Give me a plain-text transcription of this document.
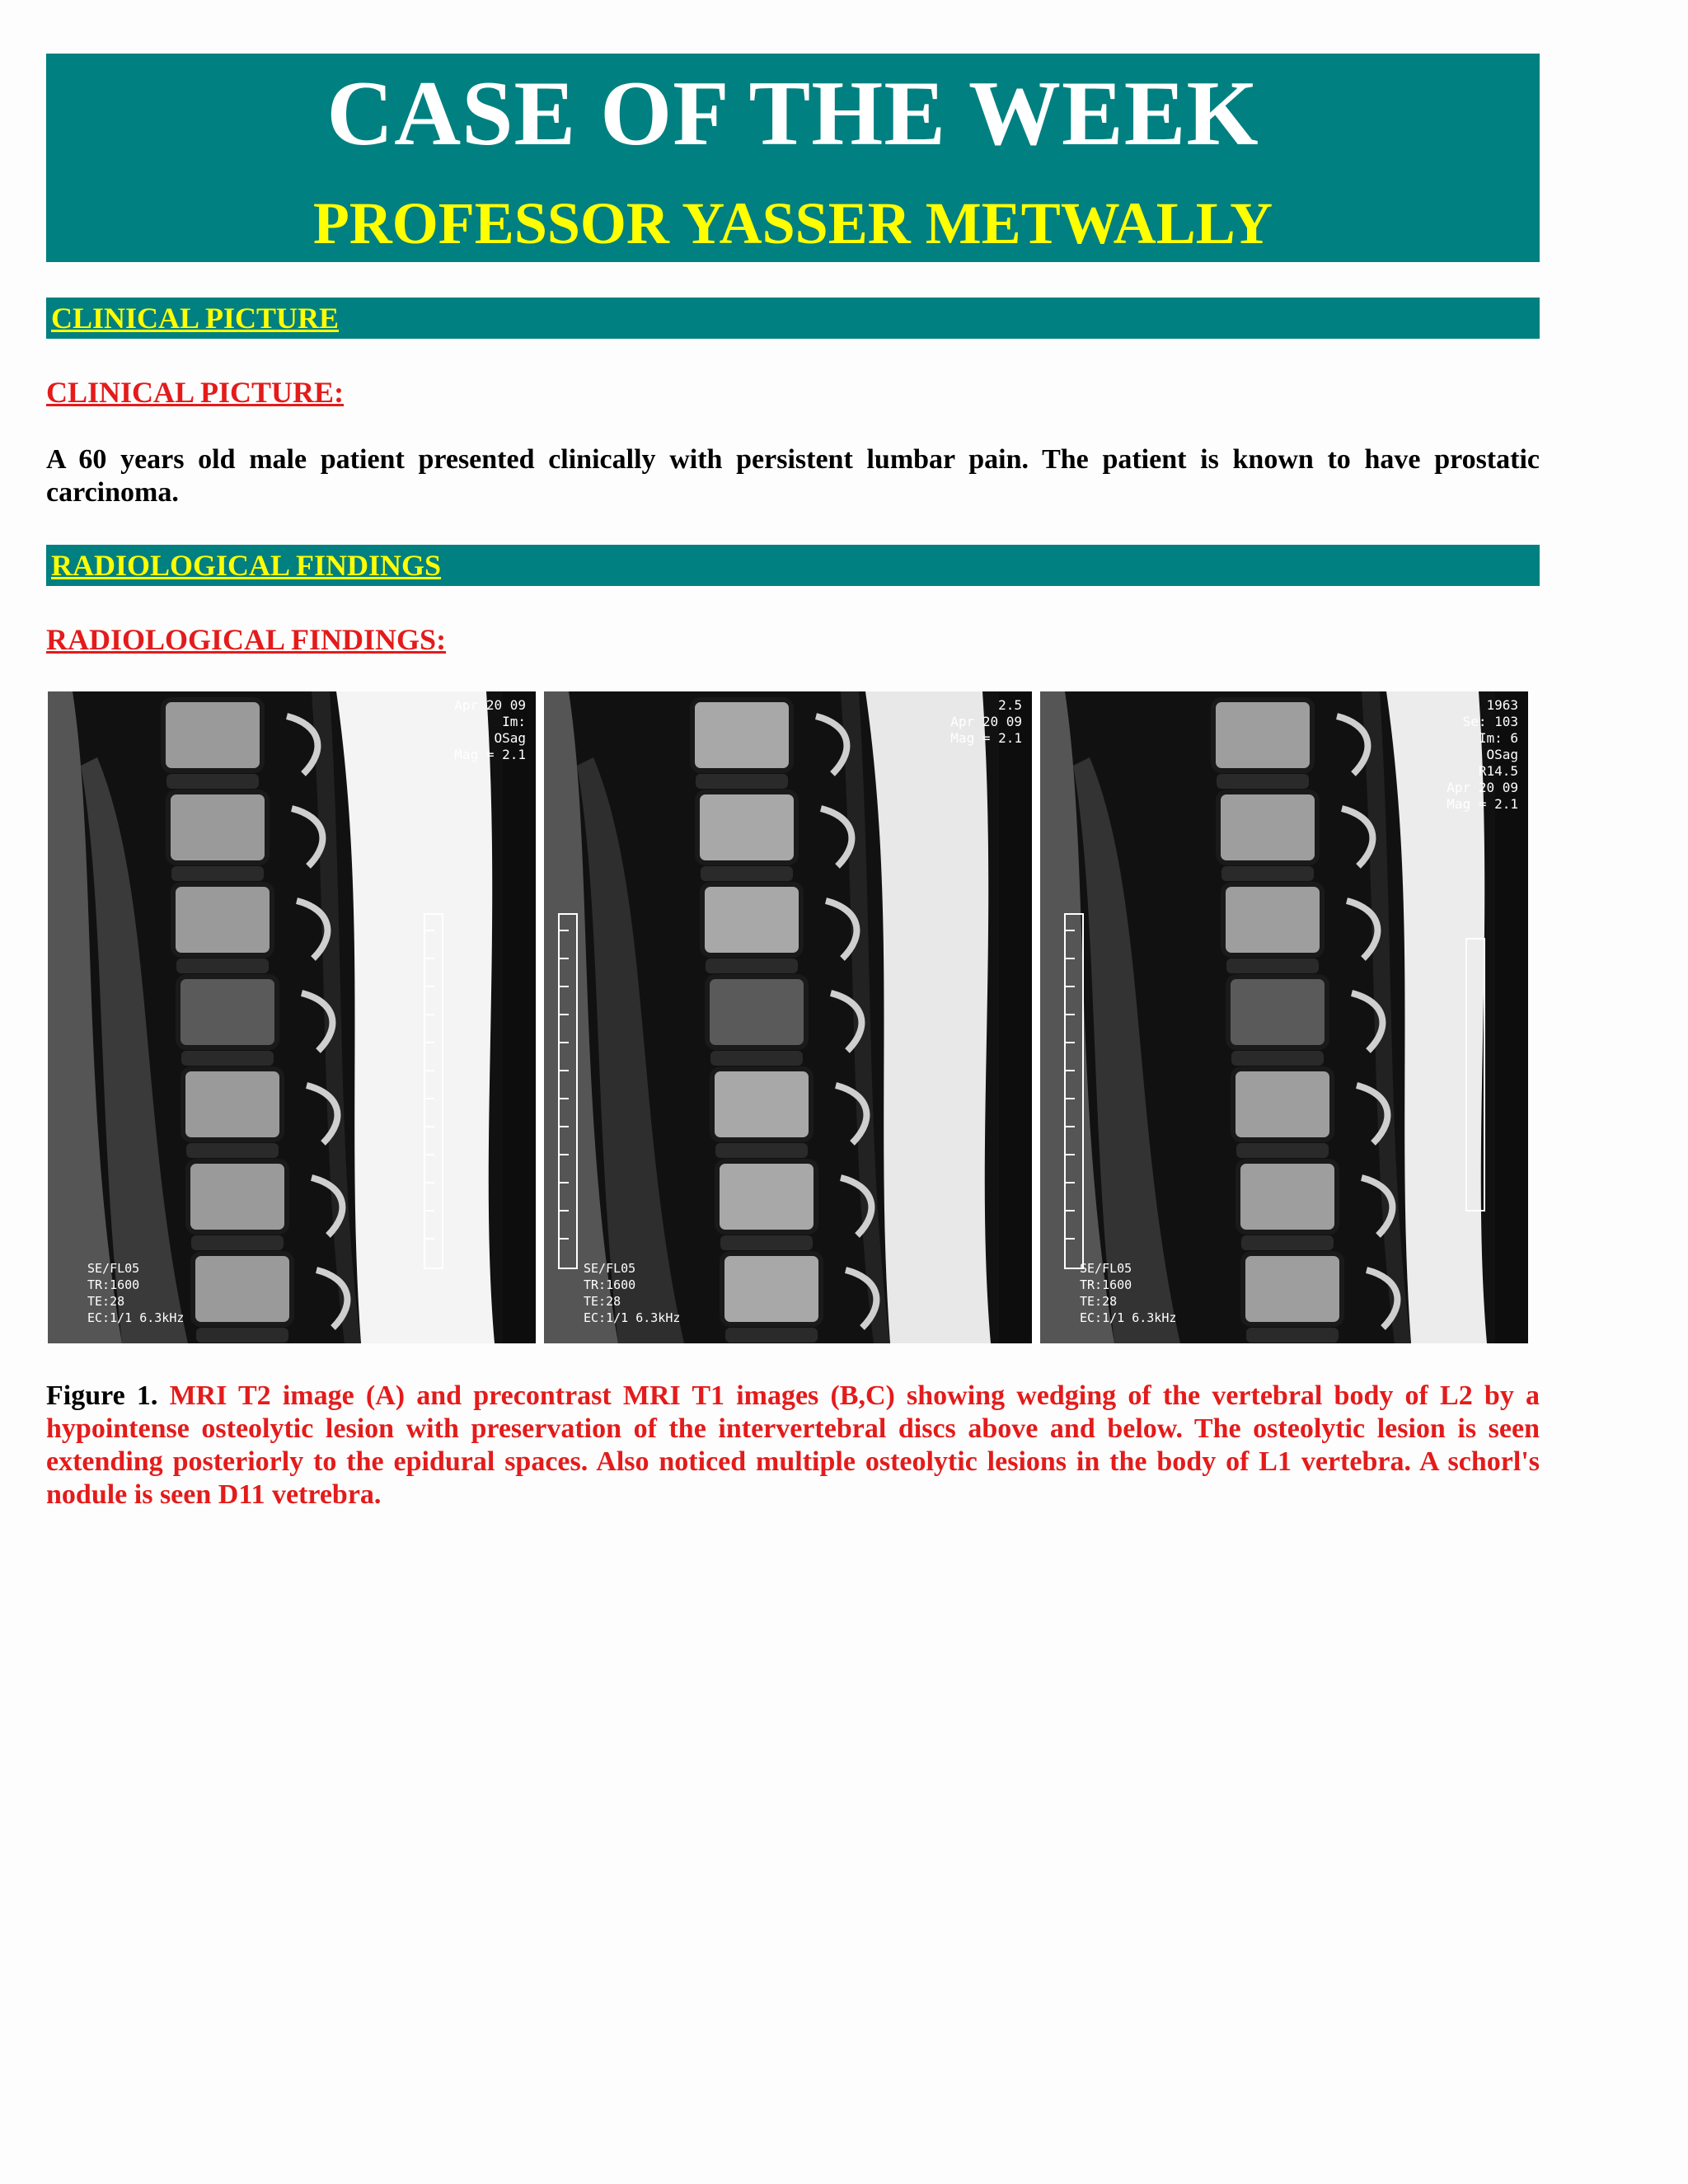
CASE OF THE WEEK
PROFESSOR YASSER METWALLY
CLINICAL PICTURE
CLINICAL PICTURE:
A 60 years old male patient presented clinically with persistent lumbar pain. The patient is known to have prostatic carcinoma.
RADIOLOGICAL FINDINGS
RADIOLOGICAL FINDINGS:
Apr 20 09
Im:
OSag
Mag = 2.1
SE/FL05
TR:1600
TE:28
EC:1/1 6.3kHz
2.5
Apr 20 09
Mag = 2.1
SE/FL05
TR:1600
TE:28
EC:1/1 6.3kHz
1963
Se: 103
Im: 6
OSag
R14.5
Apr 20 09
Mag = 2.1
SE/FL05
TR:1600
TE:28
EC:1/1 6.3kHz
Figure 1. MRI T2 image (A) and precontrast MRI T1 images (B,C) showing wedging of the vertebral body of L2 by a hypointense osteolytic lesion with preservation of the intervertebral discs above and below. The osteolytic lesion is seen extending posteriorly to the epidural spaces. Also noticed multiple osteolytic lesions in the body of L1 vertebra. A schorl's nodule is seen D11 vetrebra.
